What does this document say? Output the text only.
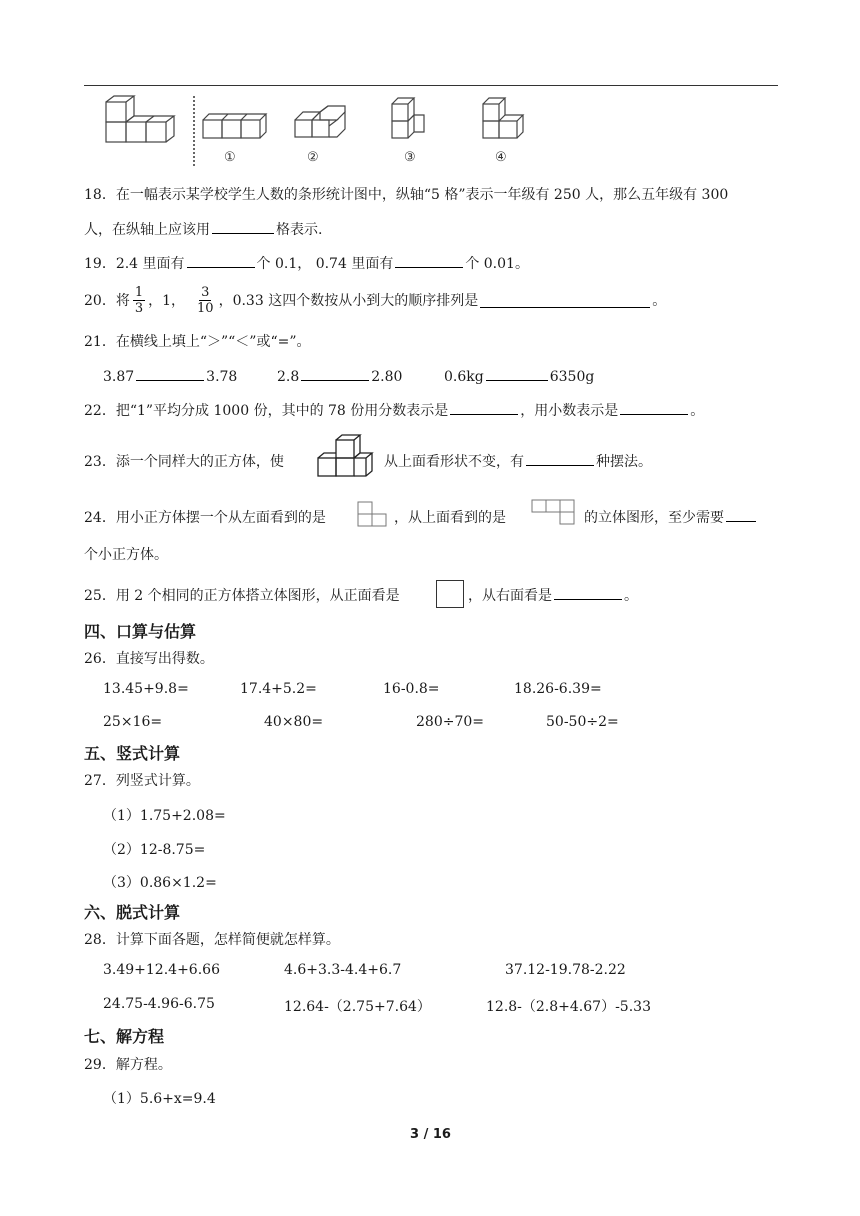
①	②	③	④
18．在一幅表示某学校学生人数的条形统计图中，纵轴“5 格”表示一年级有 250 人，那么五年级有 300
人，在纵轴上应该用	格表示.
19．2.4 里面有	个 0.1， 0.74 里面有	个 0.01。
20．将 $\frac{1}{3}$ ，1， $\frac{3}{10}$ ，0.33 这四个数按从小到大的顺序排列是	。
21．在横线上填上“＞”“＜”或“=”。
3.87	3.78	2.8	2.80	0.6kg	6350g
22．把“1”平均分成 1000 份，其中的 78 份用分数表示是	，用小数表示是	。
23．添一个同样大的正方体，使	从上面看形状不变，有	种摆法。
24．用小正方体摆一个从左面看到的是	，从上面看到的是	的立体图形，至少需要
个小正方体。
25．用 2 个相同的正方体搭立体图形，从正面看是	，从右面看是	。
四、口算与估算
26．直接写出得数。
13.45+9.8=	17.4+5.2=	16-0.8=	18.26-6.39=
25×16=	40×80=	280÷70=	50-50÷2=
五、竖式计算
27．列竖式计算。
（1）1.75+2.08=
（2）12-8.75=
（3）0.86×1.2=
六、脱式计算
28．计算下面各题，怎样简便就怎样算。
3.49+12.4+6.66	4.6+3.3-4.4+6.7	37.12-19.78-2.22
24.75-4.96-6.75	12.64-（2.75+7.64）	12.8-（2.8+4.67）-5.33
七、解方程
29．解方程。
（1）5.6+x=9.4
3 / 16
